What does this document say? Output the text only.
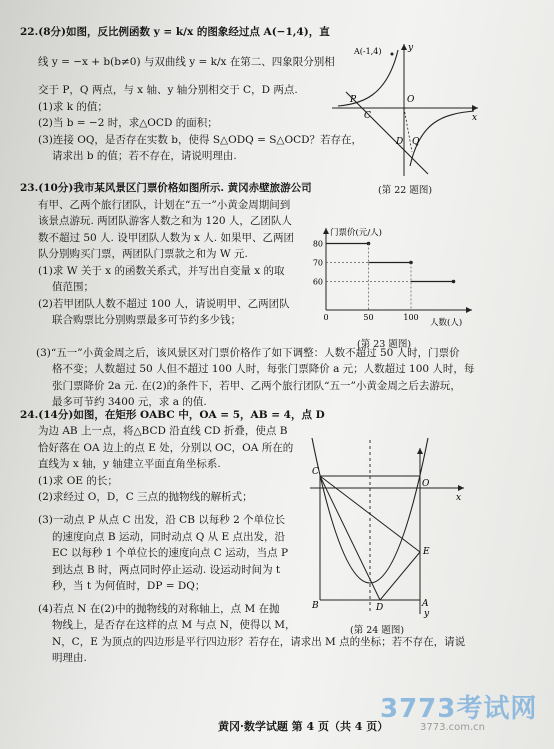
22.(8分)如图，反比例函数 y = k/x 的图象经过点 A(−1,4)，直
线 y = −x + b(b≠0) 与双曲线 y = k/x 在第二、四象限分别相
交于 P，Q 两点，与 x 轴、y 轴分别相交于 C，D 两点.
(1)求 k 的值；
(2)当 b = −2 时，求△OCD 的面积；
(3)连接 OQ，是否存在实数 b，使得 S△ODQ = S△OCD？若存在，
请求出 b 的值；若不存在，请说明理由.
A(-1,4)
P
C
O
D Q
x
y
(第 22 题图)
23.(10分)我市某风景区门票价格如图所示. 黄冈赤壁旅游公司
有甲、乙两个旅行团队，计划在“五一”小黄金周期间到
该景点游玩. 两团队游客人数之和为 120 人，乙团队人
数不超过 50 人. 设甲团队人数为 x 人. 如果甲、乙两团
队分别购买门票，两团队门票款之和为 W 元.
(1)求 W 关于 x 的函数关系式，并写出自变量 x 的取
值范围；
(2)若甲团队人数不超过 100 人，请说明甲、乙两团队
联合购票比分别购票最多可节约多少钱；
(3)“五一”小黄金周之后，该风景区对门票价格作了如下调整：人数不超过 50 人时，门票价
格不变；人数超过 50 人但不超过 100 人时，每张门票降价 a 元；人数超过 100 人时，每
张门票降价 2a 元. 在(2)的条件下，若甲、乙两个旅行团队“五一”小黄金周之后去游玩，
最多可节约 3400 元，求 a 的值.
80
70
60
0	50	100
门票价(元/人)
人数(人)
(第 23 题图)
24.(14分)如图，在矩形 OABC 中，OA = 5，AB = 4，点 D
为边 AB 上一点，将△BCD 沿直线 CD 折叠，使点 B
恰好落在 OA 边上的点 E 处，分别以 OC，OA 所在的
直线为 x 轴，y 轴建立平面直角坐标系.
(1)求 OE 的长；
(2)求经过 O，D，C 三点的抛物线的解析式；
(3)一动点 P 从点 C 出发，沿 CB 以每秒 2 个单位长
的速度向点 B 运动，同时动点 Q 从 E 点出发，沿
EC 以每秒 1 个单位长的速度向点 C 运动，当点 P
到达点 B 时，两点同时停止运动. 设运动时间为 t
秒，当 t 为何值时，DP = DQ；
(4)若点 N 在(2)中的抛物线的对称轴上，点 M 在抛
物线上，是否存在这样的点 M 与点 N，使得以 M，
N，C，E 为顶点的四边形是平行四边形？若存在，请求出 M 点的坐标；若不存在，请说
明理由.
C
O
x
E
B	D	A
y
(第 24 题图)
3773考试网
3773.com.cn
黄冈·数学试题 第 4 页（共 4 页）
